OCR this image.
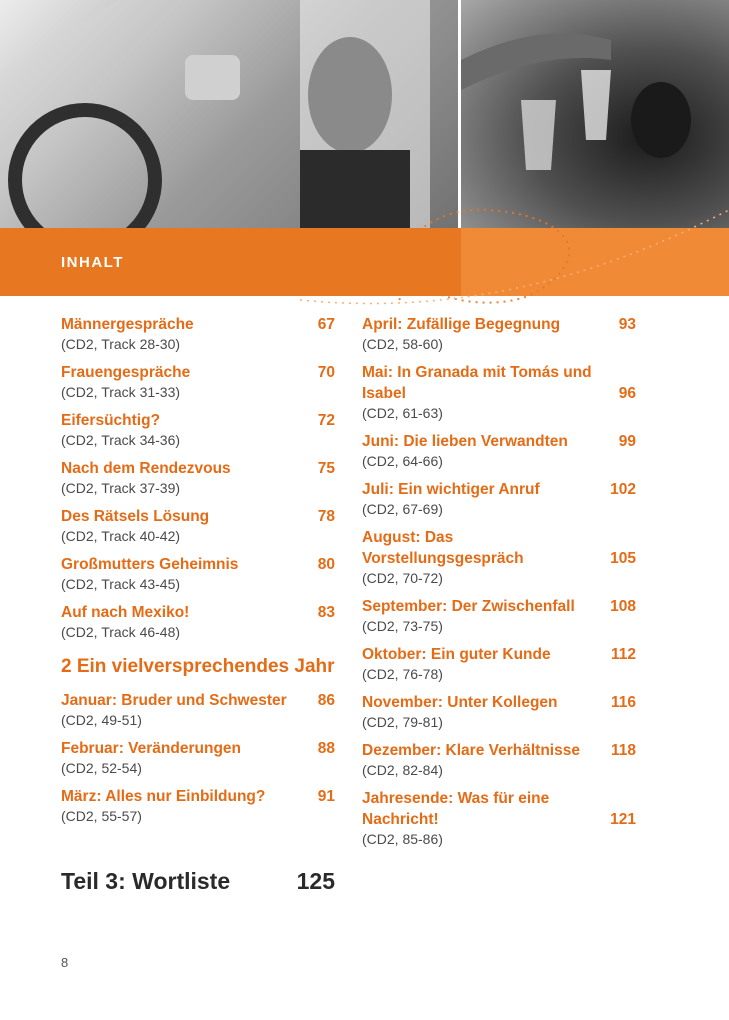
INHALT
Männergespräche	67
(CD2, Track 28-30)
Frauengespräche	70
(CD2, Track 31-33)
Eifersüchtig?	72
(CD2, Track 34-36)
Nach dem Rendezvous	75
(CD2, Track 37-39)
Des Rätsels Lösung	78
(CD2, Track 40-42)
Großmutters Geheimnis	80
(CD2, Track 43-45)
Auf nach Mexiko!	83
(CD2, Track 46-48)
2 Ein vielversprechendes Jahr
Januar: Bruder und Schwester	86
(CD2, 49-51)
Februar: Veränderungen	88
(CD2, 52-54)
März: Alles nur Einbildung?	91
(CD2, 55-57)
April: Zufällige Begegnung	93
(CD2, 58-60)
Mai: In Granada mit Tomás und Isabel	96
(CD2, 61-63)
Juni: Die lieben Verwandten	99
(CD2, 64-66)
Juli: Ein wichtiger Anruf	102
(CD2, 67-69)
August: Das Vorstellungsgespräch	105
(CD2, 70-72)
September: Der Zwischenfall	108
(CD2, 73-75)
Oktober: Ein guter Kunde	112
(CD2, 76-78)
November: Unter Kollegen	116
(CD2, 79-81)
Dezember: Klare Verhältnisse	118
(CD2, 82-84)
Jahresende: Was für eine Nachricht!	121
(CD2, 85-86)
Teil 3: Wortliste	125
8
